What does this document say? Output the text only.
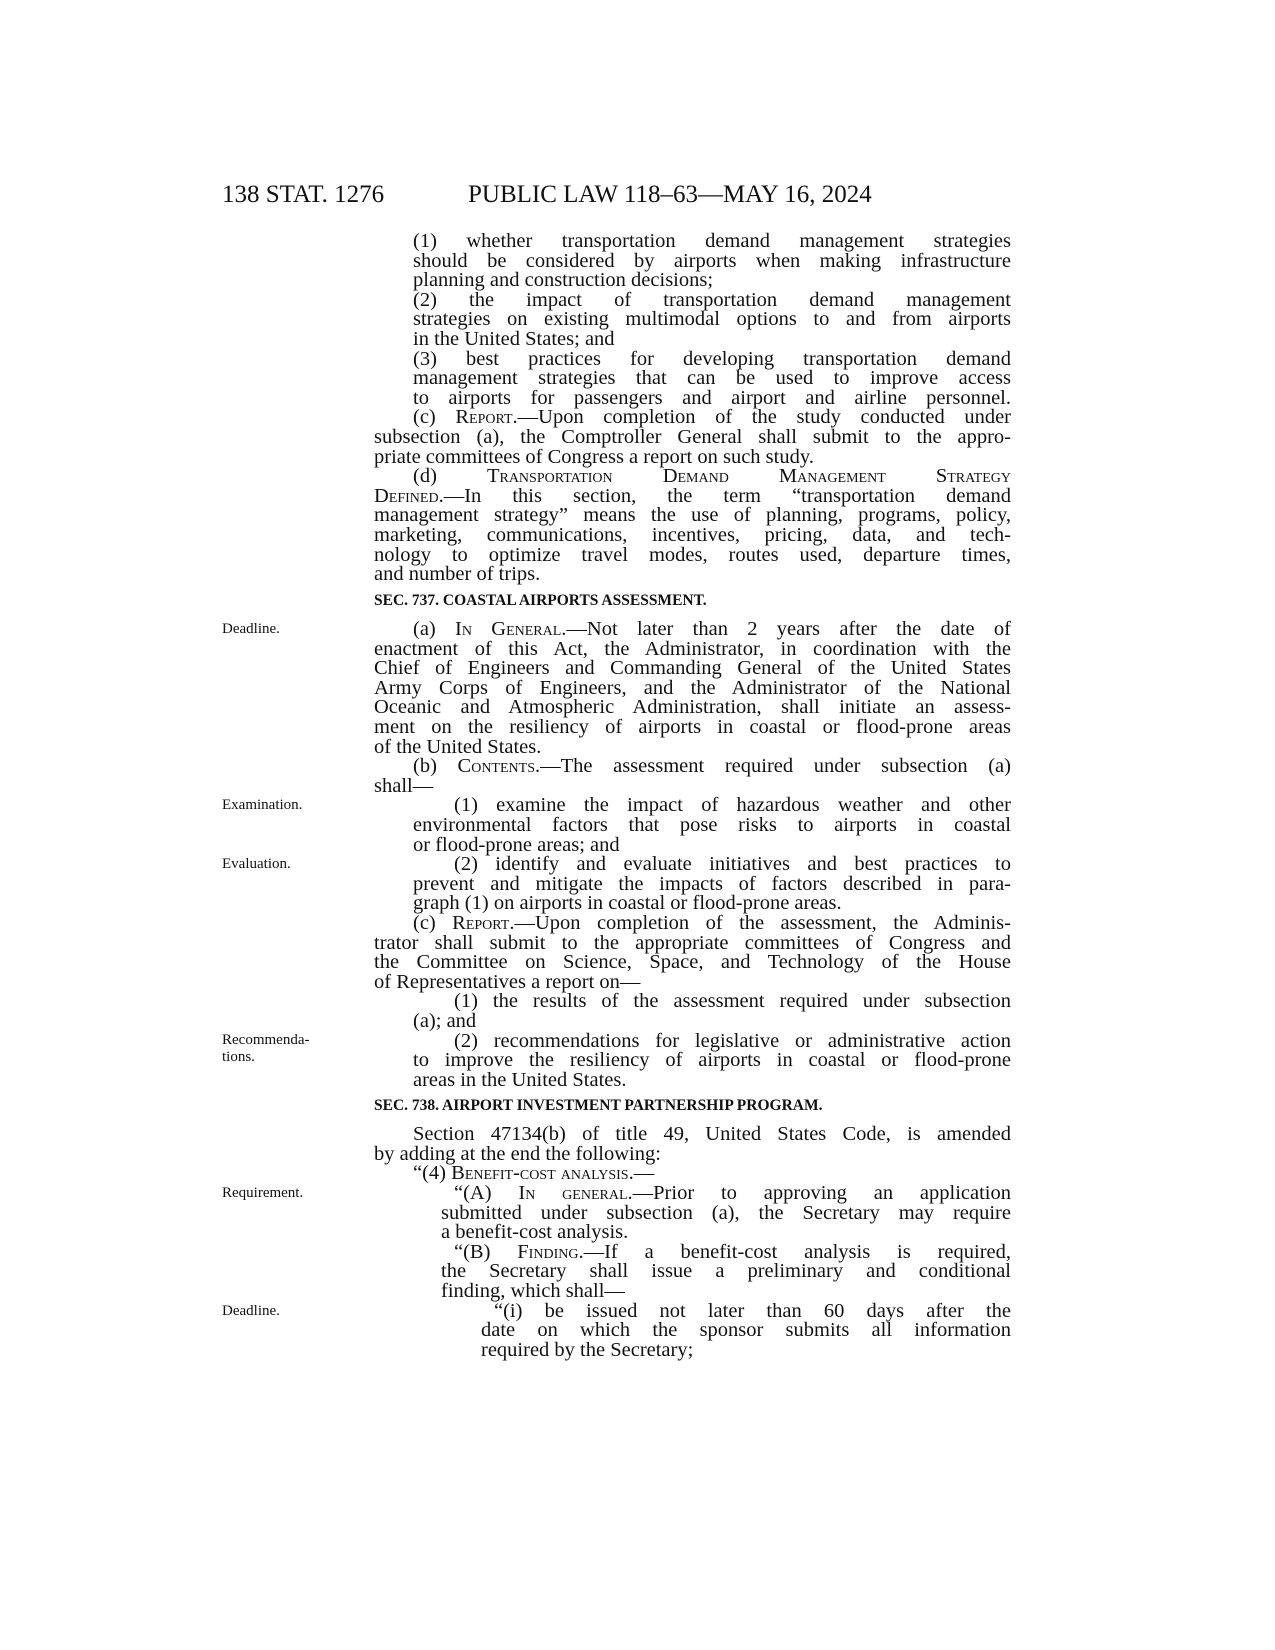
138 STAT. 1276	PUBLIC LAW 118–63—MAY 16, 2024
Deadline.
Examination.
Evaluation.
Recommenda-
tions.
Requirement.
Deadline.
(1) whether transportation demand management strategies
should be considered by airports when making infrastructure
planning and construction decisions;
(2) the impact of transportation demand management
strategies on existing multimodal options to and from airports
in the United States; and
(3) best practices for developing transportation demand
management strategies that can be used to improve access
to airports for passengers and airport and airline personnel.
(c) Report.—Upon completion of the study conducted under
subsection (a), the Comptroller General shall submit to the appro-
priate committees of Congress a report on such study.
(d) Transportation Demand Management Strategy
Defined.—In this section, the term “transportation demand
management strategy” means the use of planning, programs, policy,
marketing, communications, incentives, pricing, data, and tech-
nology to optimize travel modes, routes used, departure times,
and number of trips.
SEC. 737. COASTAL AIRPORTS ASSESSMENT.
(a) In General.—Not later than 2 years after the date of
enactment of this Act, the Administrator, in coordination with the
Chief of Engineers and Commanding General of the United States
Army Corps of Engineers, and the Administrator of the National
Oceanic and Atmospheric Administration, shall initiate an assess-
ment on the resiliency of airports in coastal or flood-prone areas
of the United States.
(b) Contents.—The assessment required under subsection (a)
shall—
(1) examine the impact of hazardous weather and other
environmental factors that pose risks to airports in coastal
or flood-prone areas; and
(2) identify and evaluate initiatives and best practices to
prevent and mitigate the impacts of factors described in para-
graph (1) on airports in coastal or flood-prone areas.
(c) Report.—Upon completion of the assessment, the Adminis-
trator shall submit to the appropriate committees of Congress and
the Committee on Science, Space, and Technology of the House
of Representatives a report on—
(1) the results of the assessment required under subsection
(a); and
(2) recommendations for legislative or administrative action
to improve the resiliency of airports in coastal or flood-prone
areas in the United States.
SEC. 738. AIRPORT INVESTMENT PARTNERSHIP PROGRAM.
Section 47134(b) of title 49, United States Code, is amended
by adding at the end the following:
“(4) Benefit-cost analysis.—
“(A) In general.—Prior to approving an application
submitted under subsection (a), the Secretary may require
a benefit-cost analysis.
“(B) Finding.—If a benefit-cost analysis is required,
the Secretary shall issue a preliminary and conditional
finding, which shall—
“(i) be issued not later than 60 days after the
date on which the sponsor submits all information
required by the Secretary;
